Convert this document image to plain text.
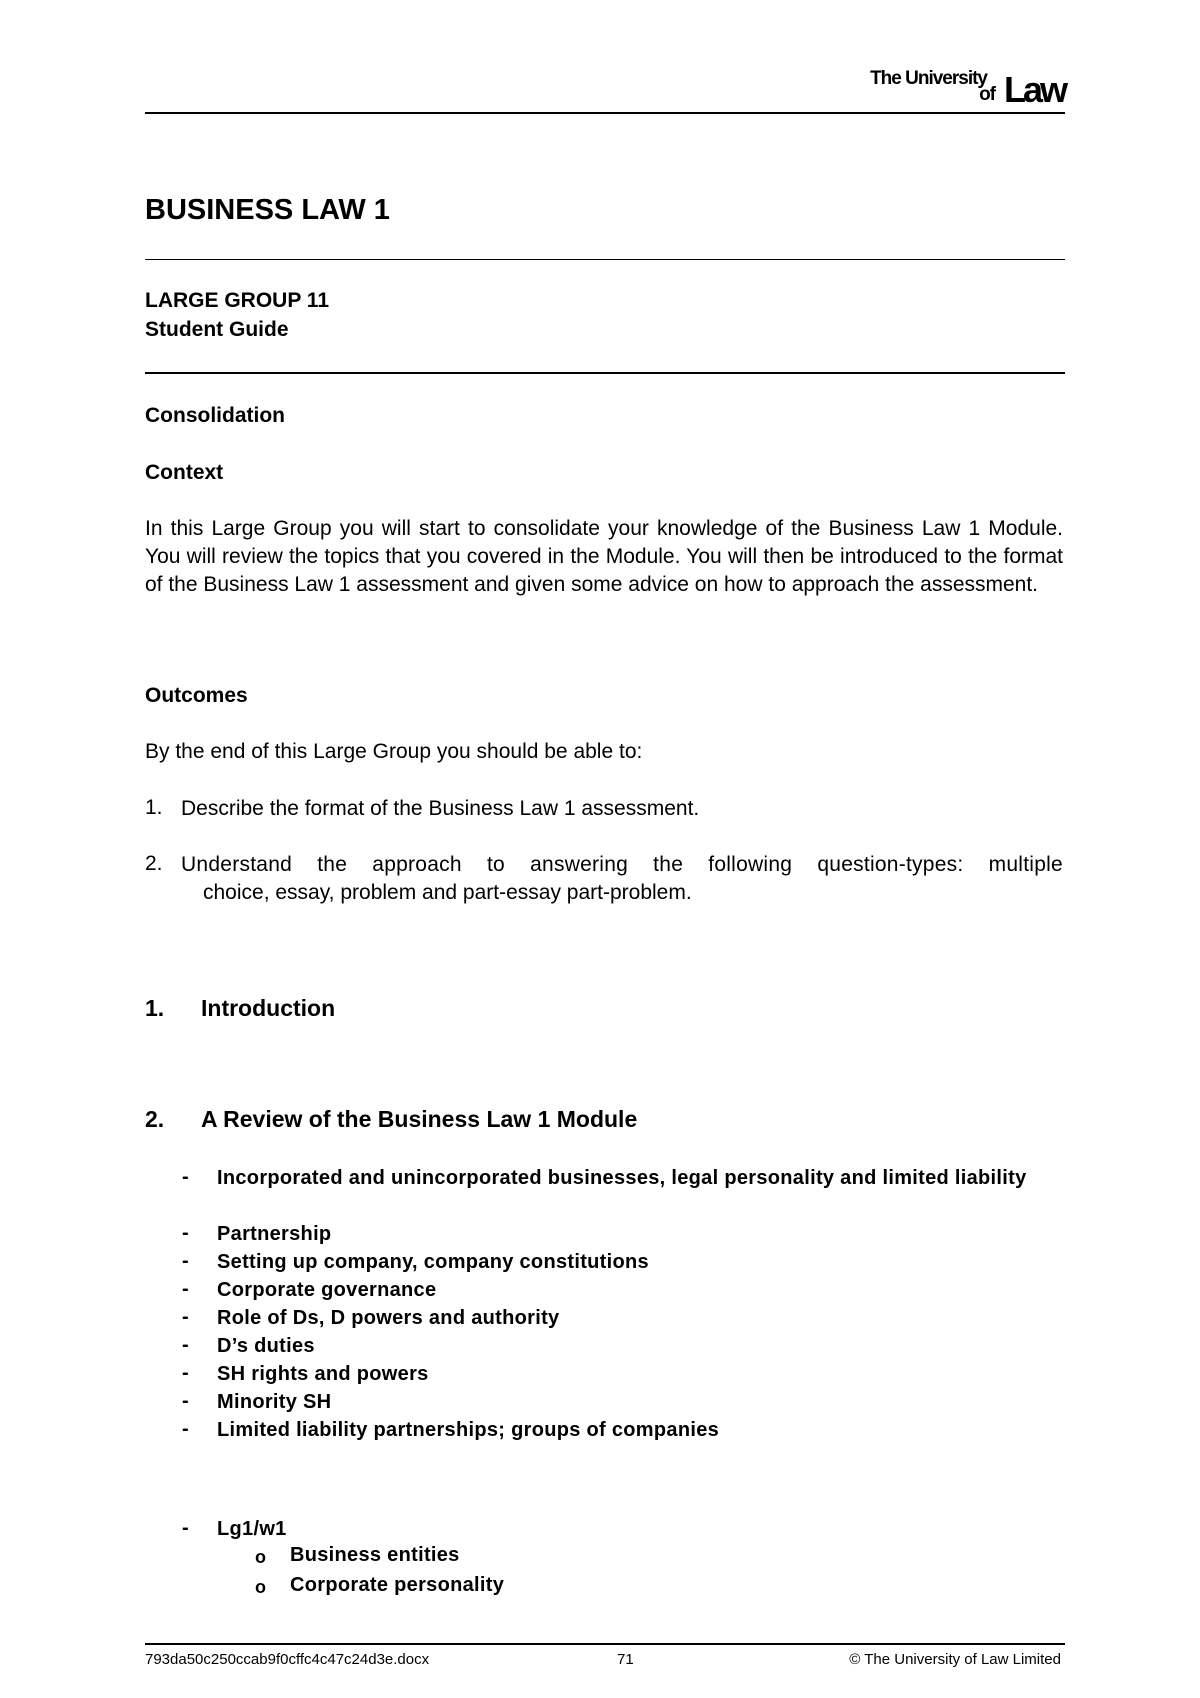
The University
of Law
BUSINESS LAW 1
LARGE GROUP 11
Student Guide
Consolidation
Context
In this Large Group you will start to consolidate your knowledge of the Business Law 1 Module. You will review the topics that you covered in the Module. You will then be introduced to the format of the Business Law 1 assessment and given some advice on how to approach the assessment.
Outcomes
By the end of this Large Group you should be able to:
1. Describe the format of the Business Law 1 assessment.
2. Understand the approach to answering the following question-types: multiple
choice, essay, problem and part-essay part-problem.
1. Introduction
2. A Review of the Business Law 1 Module
-	Incorporated and unincorporated businesses, legal personality and limited liability
-	Partnership
-	Setting up company, company constitutions
-	Corporate governance
-	Role of Ds, D powers and authority
-	D’s duties
-	SH rights and powers
-	Minority SH
-	Limited liability partnerships; groups of companies
-	Lg1/w1
o Business entities
o Corporate personality
793da50c250ccab9f0cffc4c47c24d3e.docx	71	© The University of Law Limited
